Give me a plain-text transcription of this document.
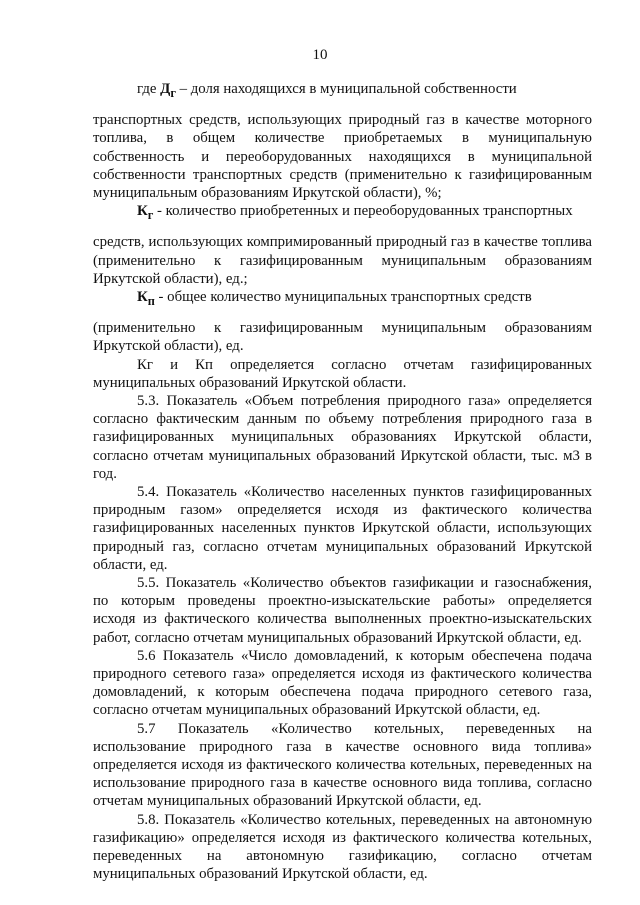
10

где $Д_г$ – доля находящихся в муниципальной собственности

транспортных средств, использующих природный газ в качестве моторного топлива, в общем количестве приобретаемых в муниципальную собственность и переоборудованных находящихся в муниципальной собственности транспортных средств (применительно к газифицированным муниципальным образованиям Иркутской области), %;

$К_г$ - количество приобретенных и переоборудованных транспортных

средств, использующих компримированный природный газ в качестве топлива (применительно к газифицированным муниципальным образованиям Иркутской области), ед.;

$К_п$ - общее количество муниципальных транспортных средств

(применительно к газифицированным муниципальным образованиям Иркутской области), ед.

Кг и Кп определяется согласно отчетам газифицированных муниципальных образований Иркутской области.

5.3. Показатель «Объем потребления природного газа» определяется согласно фактическим данным по объему потребления природного газа в газифицированных муниципальных образованиях Иркутской области, согласно отчетам муниципальных образований Иркутской области, тыс. м3 в год.

5.4. Показатель «Количество населенных пунктов газифицированных природным газом» определяется исходя из фактического количества газифицированных населенных пунктов Иркутской области, использующих природный газ, согласно отчетам муниципальных образований Иркутской области, ед.

5.5. Показатель «Количество объектов газификации и газоснабжения, по которым проведены проектно-изыскательские работы» определяется исходя из фактического количества выполненных проектно-изыскательских работ, согласно отчетам муниципальных образований Иркутской области, ед.

5.6 Показатель «Число домовладений, к которым обеспечена подача природного сетевого газа» определяется исходя из фактического количества домовладений, к которым обеспечена подача природного сетевого газа, согласно отчетам муниципальных образований Иркутской области, ед.

5.7 Показатель «Количество котельных, переведенных на использование природного газа в качестве основного вида топлива» определяется исходя из фактического количества котельных, переведенных на использование природного газа в качестве основного вида топлива, согласно отчетам муниципальных образований Иркутской области, ед.

5.8. Показатель «Количество котельных, переведенных на автономную газификацию» определяется исходя из фактического количества котельных, переведенных на автономную газификацию, согласно отчетам муниципальных образований Иркутской области, ед.
